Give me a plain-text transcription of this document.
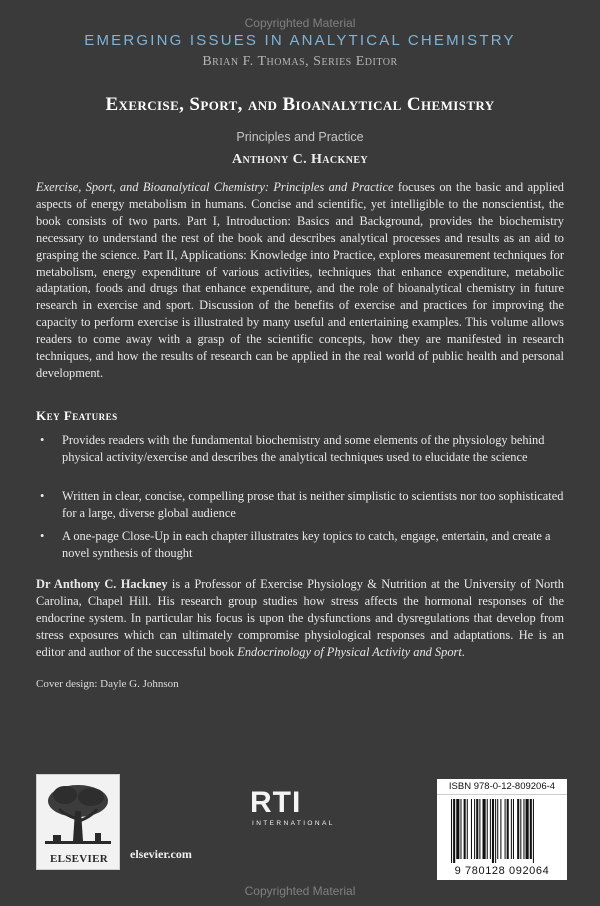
Copyrighted Material
EMERGING ISSUES IN ANALYTICAL CHEMISTRY
Brian F. Thomas, Series Editor
Exercise, Sport, and Bioanalytical Chemistry
Principles and Practice
Anthony C. Hackney

Exercise, Sport, and Bioanalytical Chemistry: Principles and Practice focuses on the basic and applied aspects of energy metabolism in humans. Concise and scientific, yet intelligible to the nonscientist, the book consists of two parts. Part I, Introduction: Basics and Background, provides the biochemistry necessary to understand the rest of the book and describes analytical processes and results as an aid to grasping the science. Part II, Applications: Knowledge into Practice, explores measurement techniques for metabolism, energy expenditure of various activities, techniques that enhance expenditure, metabolic adaptation, foods and drugs that enhance expenditure, and the role of bioanalytical chemistry in future research in exercise and sport. Discussion of the benefits of exercise and practices for improving the capacity to perform exercise is illustrated by many useful and entertaining examples. This volume allows readers to come away with a grasp of the scientific concepts, how they are manifested in research techniques, and how the results of research can be applied in the real world of public health and personal development.

Key Features
• Provides readers with the fundamental biochemistry and some elements of the physiology behind physical activity/exercise and describes the analytical techniques used to elucidate the science
• Written in clear, concise, compelling prose that is neither simplistic to scientists nor too sophisticated for a large, diverse global audience
• A one-page Close-Up in each chapter illustrates key topics to catch, engage, entertain, and create a novel synthesis of thought

Dr Anthony C. Hackney is a Professor of Exercise Physiology & Nutrition at the University of North Carolina, Chapel Hill. His research group studies how stress affects the hormonal responses of the endocrine system. In particular his focus is upon the dysfunctions and dysregulations that develop from stress exposures which can ultimately compromise physiological responses and adaptations. He is an editor and author of the successful book Endocrinology of Physical Activity and Sport.

Cover design: Dayle G. Johnson
ELSEVIER	elsevier.com
RTI
INTERNATIONAL
ISBN 978-0-12-809206-4
9 780128 092064
Copyrighted Material
